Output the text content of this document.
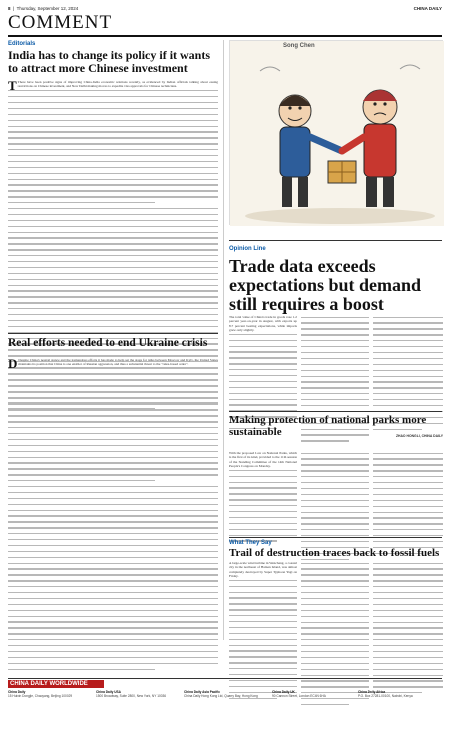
8  |  Thursday, September 12, 2024	CHINA DAILY
COMMENT
Editorials
India has to change its policy if it wants to attract more Chinese investment
T There have been positive signs of improving China-India economic relations recently, as evidenced by Indian officials talking about easing restrictions on Chinese investment, and New Delhi making moves to expedite visa approvals for Chinese technicians.
Real efforts needed to end Ukraine crisis
D Despite China's neutral stance and the tremendous efforts it has made to help set the stage for talks between Moscow and Kyiv, the United States maintains its position that China is one enabler of Russian aggression, and thus a substantial threat to the "rules-based order".
Song Chen
Opinion Line
Trade data exceeds expectations but demand still requires a boost
The total value of China's trade in goods rose 1.2 percent year-on-year in August, with exports up 8.7 percent beating expectations, while imports grew only slightly.
ZHAO HONGLI, CHINA DAILY
Making protection of national parks more sustainable
With the proposed Law on National Parks, which is the first of its kind, provided to the 11th session of the Standing Committee of the 14th National People's Congress on Monday.
What They Say
Trail of destruction traces back to fossil fuels
A large-scale wind turbine in Wenchang, a coastal city in the northeast of Hainan Island, was almost completely destroyed by Super Typhoon Yagi on Friday.
CHINA DAILY WORLDWIDE
China Daily
15 Huixin Dongjie, Chaoyang, Beijing 100029
China Daily USA
1500 Broadway, Suite 2800, New York, NY 10036
China Daily Asia Pacific
China Daily Hong Kong Ltd, Quarry Bay, Hong Kong
China Daily UK
90 Cannon Street, London EC4N 6HA
China Daily Africa
P.O. Box 27281-00100, Nairobi, Kenya
